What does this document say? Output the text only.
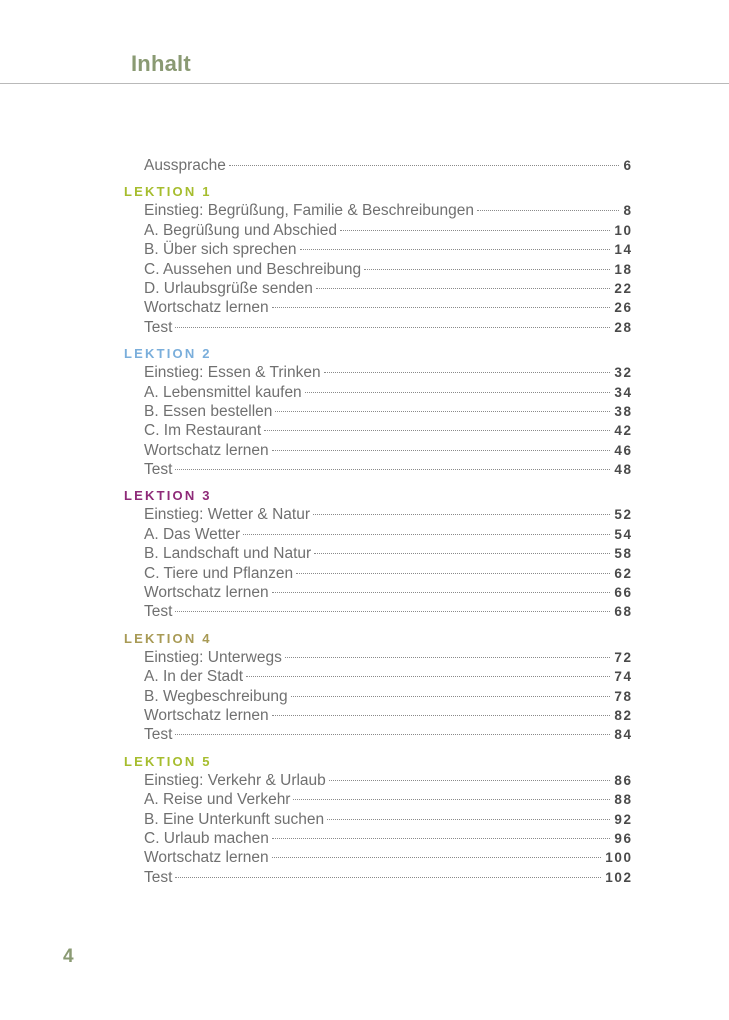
Inhalt
Aussprache	6
LEKTION 1
Einstieg: Begrüßung, Familie & Beschreibungen	8
A. Begrüßung und Abschied	10
B. Über sich sprechen	14
C. Aussehen und Beschreibung	18
D. Urlaubsgrüße senden	22
Wortschatz lernen	26
Test	28
LEKTION 2
Einstieg: Essen & Trinken	32
A. Lebensmittel kaufen	34
B. Essen bestellen	38
C. Im Restaurant	42
Wortschatz lernen	46
Test	48
LEKTION 3
Einstieg: Wetter & Natur	52
A. Das Wetter	54
B. Landschaft und Natur	58
C. Tiere und Pflanzen	62
Wortschatz lernen	66
Test	68
LEKTION 4
Einstieg: Unterwegs	72
A. In der Stadt	74
B. Wegbeschreibung	78
Wortschatz lernen	82
Test	84
LEKTION 5
Einstieg: Verkehr & Urlaub	86
A. Reise und Verkehr	88
B. Eine Unterkunft suchen	92
C. Urlaub machen	96
Wortschatz lernen	100
Test	102
4
